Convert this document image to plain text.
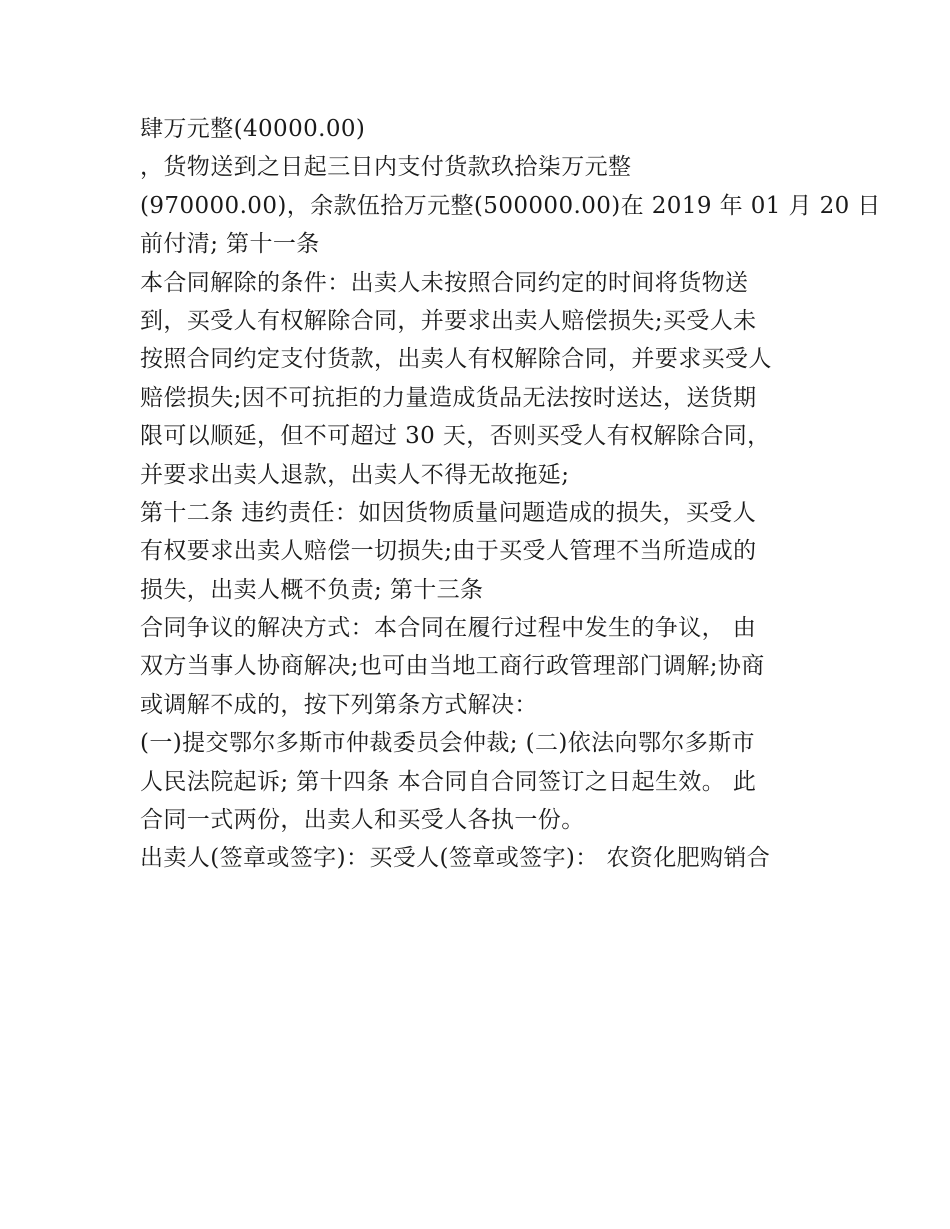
肆万元整(40000.00)
，货物送到之日起三日内支付货款玖拾柒万元整
(970000.00)，余款伍拾万元整(500000.00)在 2019 年 01 月 20 日
前付清; 第十一条
本合同解除的条件：出卖人未按照合同约定的时间将货物送
到，买受人有权解除合同，并要求出卖人赔偿损失;买受人未
按照合同约定支付货款，出卖人有权解除合同，并要求买受人
赔偿损失;因不可抗拒的力量造成货品无法按时送达，送货期
限可以顺延，但不可超过 30 天，否则买受人有权解除合同，
并要求出卖人退款，出卖人不得无故拖延;
第十二条 违约责任：如因货物质量问题造成的损失，买受人
有权要求出卖人赔偿一切损失;由于买受人管理不当所造成的
损失，出卖人概不负责; 第十三条
合同争议的解决方式：本合同在履行过程中发生的争议， 由
双方当事人协商解决;也可由当地工商行政管理部门调解;协商
或调解不成的，按下列第条方式解决：
(一)提交鄂尔多斯市仲裁委员会仲裁; (二)依法向鄂尔多斯市
人民法院起诉; 第十四条 本合同自合同签订之日起生效。 此
合同一式两份，出卖人和买受人各执一份。
出卖人(签章或签字)：买受人(签章或签字)： 农资化肥购销合
